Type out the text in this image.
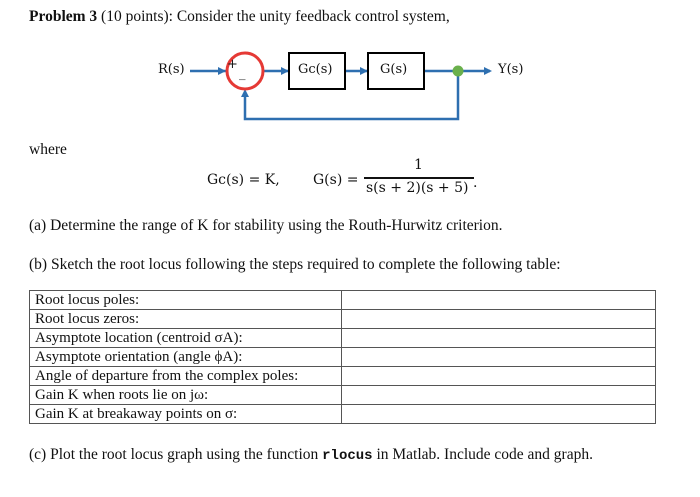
Problem 3 (10 points): Consider the unity feedback control system,
R(s)	+
_	Gc(s)	G(s)	Y(s)
where
Gc(s) = K, G(s) =
1
s(s + 2)(s + 5) .
(a) Determine the range of K for stability using the Routh-Hurwitz criterion.
(b) Sketch the root locus following the steps required to complete the following table:
Root locus poles:	
Root locus zeros:	
Asymptote location (centroid σA):	
Asymptote orientation (angle ϕA):	
Angle of departure from the complex poles:	
Gain K when roots lie on jω:	
Gain K at breakaway points on σ:	
(c) Plot the root locus graph using the function rlocus in Matlab. Include code and graph.
